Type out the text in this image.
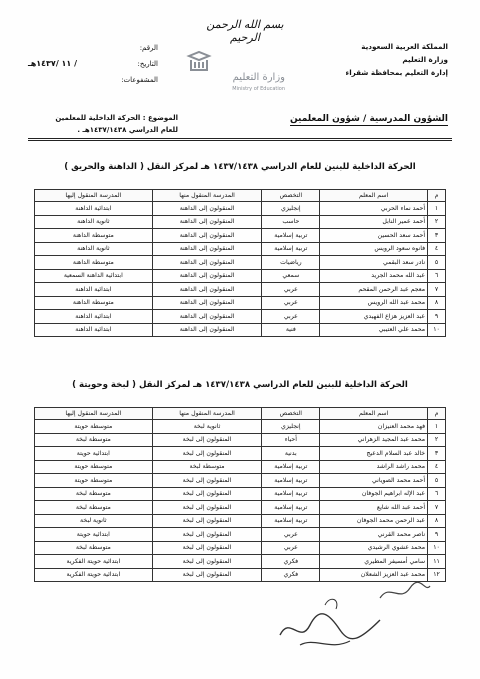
المملكة العربية السعودية
وزارة التعليم
إدارة التعليم بمحافظة شقراء
بسم الله الرحمن الرحيم
وزارة التعليم
Ministry of Education
الرقم:
التاريخ:
/ ١١ /١٤٣٧هـ
المشفوعات:
الموضوع : الحركة الداخلية للمعلمين
للعام الدراسي ١٤٣٧/١٤٣٨هـ .
الشؤون المدرسية / شؤون المعلمين
الحركة الداخلية للبنين للعام الدراسي ١٤٣٧/١٤٣٨ هـ لمركز النقل ( الداهنة والحريق )
م	اسم المعلم	التخصص	المدرسة المنقول منها	المدرسة المنقول إليها
١	أحمد نماء الحربي	إنجليزي	المنقولون إلى الداهنة	ابتدائية الداهنة
٢	أحمد عمير النابل	حاسب	المنقولون إلى الداهنة	ثانوية الداهنة
٣	أحمد سعد الحسين	تربية إسلامية	المنقولون إلى الداهنة	متوسطة الداهنة
٤	فانوه سعود الرويس	تربية إسلامية	المنقولون إلى الداهنة	ثانوية الداهنة
٥	نادر سعد البقمي	رياضيات	المنقولون إلى الداهنة	متوسطة الداهنة
٦	عبد الله محمد الجريد	سمعي	المنقولون إلى الداهنة	ابتدائية الداهنة السمعية
٧	معجم عبد الرحمن المقحم	عربي	المنقولون إلى الداهنة	ابتدائية الداهنة
٨	محمد عبد الله الرويس	عربي	المنقولون إلى الداهنة	متوسطة الداهنة
٩	عبد العزيز هزاع الفهيدي	عربي	المنقولون إلى الداهنة	ابتدائية الداهنة
١٠	محمد علي العتيبي	فنية	المنقولون إلى الداهنة	ابتدائية الداهنة
الحركة الداخلية للبنين للعام الدراسي ١٤٣٧/١٤٣٨ هـ لمركز النقل ( لبخة وحويتة )
م	اسم المعلم	التخصص	المدرسة المنقول منها	المدرسة المنقول إليها
١	فهد محمد العنيزان	إنجليزي	ثانوية لبخة	متوسطة حويتة
٢	محمد عبد المجيد الزهراني	أحياء	المنقولون إلى لبخة	متوسطة لبخة
٣	خالد عبد السلام الدعيج	بدنية	المنقولون إلى لبخة	ابتدائية حويتة
٤	محمد راشد الراشد	تربية إسلامية	متوسطة لبخة	متوسطة حويتة
٥	أحمد محمد الصوياني	تربية إسلامية	المنقولون إلى لبخة	متوسطة حويتة
٦	عبد الإله ابراهيم الجوفان	تربية إسلامية	المنقولون إلى لبخة	متوسطة لبخة
٧	أحمد عبد الله شايع	تربية إسلامية	المنقولون إلى لبخة	متوسطة لبخة
٨	عبد الرحمن محمد الجوفان	تربية إسلامية	المنقولون إلى لبخة	ثانوية لبخة
٩	ناصر محمد القرني	عربي	المنقولون إلى لبخة	ابتدائية حويتة
١٠	محمد عشوي الرشيدي	عربي	المنقولون إلى لبخة	متوسطة لبخة
١١	سامي أمسيفر المطيري	فكري	المنقولون إلى لبخة	ابتدائية حويتة الفكرية
١٢	محمد عبد العزيز الشعلان	فكري	المنقولون إلى لبخة	ابتدائية حويتة الفكرية
